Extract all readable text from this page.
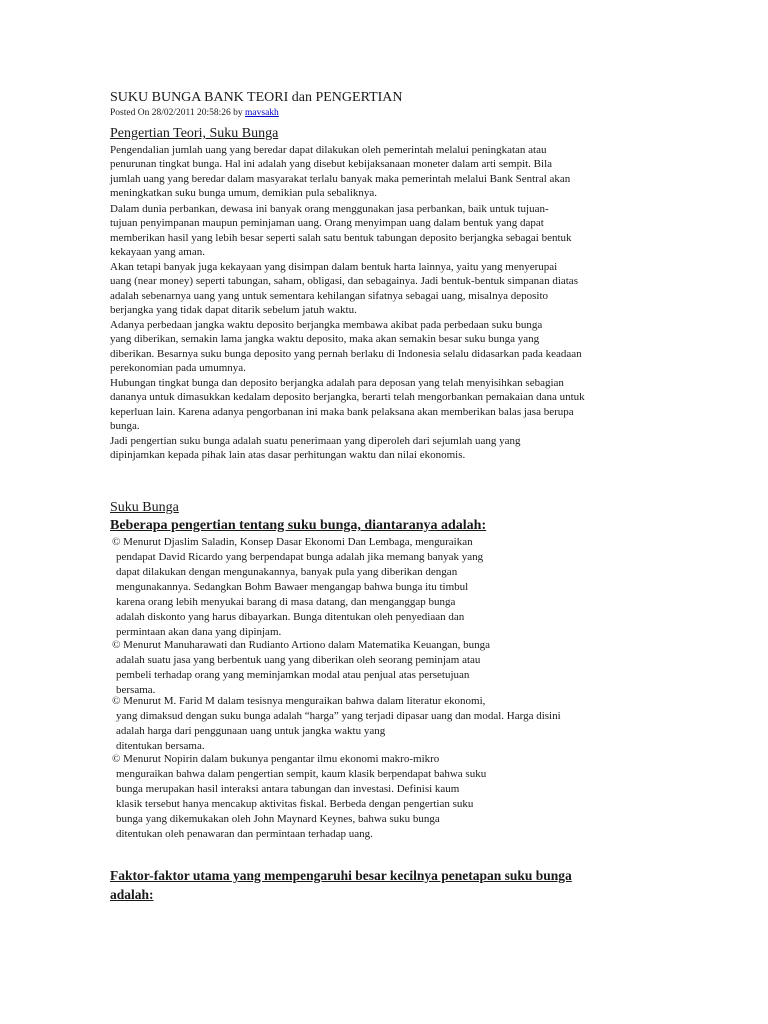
SUKU BUNGA BANK TEORI dan PENGERTIAN
Posted On 28/02/2011 20:58:26 by mavsakh
Pengertian Teori, Suku Bunga

Pengendalian jumlah uang yang beredar dapat dilakukan oleh pemerintah melalui peningkatan atau
penurunan tingkat bunga. Hal ini adalah yang disebut kebijaksanaan moneter dalam arti sempit. Bila
jumlah uang yang beredar dalam masyarakat terlalu banyak maka pemerintah melalui Bank Sentral akan
meningkatkan suku bunga umum, demikian pula sebaliknya.

Dalam dunia perbankan, dewasa ini banyak orang menggunakan jasa perbankan, baik untuk tujuan-
tujuan penyimpanan maupun peminjaman uang. Orang menyimpan uang dalam bentuk yang dapat
memberikan hasil yang lebih besar seperti salah satu bentuk tabungan deposito berjangka sebagai bentuk
kekayaan yang aman.

Akan tetapi banyak juga kekayaan yang disimpan dalam bentuk harta lainnya, yaitu yang menyerupai
uang (near money) seperti tabungan, saham, obligasi, dan sebagainya. Jadi bentuk-bentuk simpanan diatas
adalah sebenarnya uang yang untuk sementara kehilangan sifatnya sebagai uang, misalnya deposito
berjangka yang tidak dapat ditarik sebelum jatuh waktu.

Adanya perbedaan jangka waktu deposito berjangka membawa akibat pada perbedaan suku bunga
yang diberikan, semakin lama jangka waktu deposito, maka akan semakin besar suku bunga yang
diberikan. Besarnya suku bunga deposito yang pernah berlaku di Indonesia selalu didasarkan pada keadaan
perekonomian pada umumnya.

Hubungan tingkat bunga dan deposito berjangka adalah para deposan yang telah menyisihkan sebagian
dananya untuk dimasukkan kedalam deposito berjangka, berarti telah mengorbankan pemakaian dana untuk
keperluan lain. Karena adanya pengorbanan ini maka bank pelaksana akan memberikan balas jasa berupa
bunga.

Jadi pengertian suku bunga adalah suatu penerimaan yang diperoleh dari sejumlah uang yang
dipinjamkan kepada pihak lain atas dasar perhitungan waktu dan nilai ekonomis.

Suku Bunga
Beberapa pengertian tentang suku bunga, diantaranya adalah:

© Menurut Djaslim Saladin, Konsep Dasar Ekonomi Dan Lembaga, menguraikan
pendapat David Ricardo yang berpendapat bunga adalah jika memang banyak yang
dapat dilakukan dengan mengunakannya, banyak pula yang diberikan dengan
mengunakannya. Sedangkan Bohm Bawaer mengangap bahwa bunga itu timbul
karena orang lebih menyukai barang di masa datang, dan menganggap bunga
adalah diskonto yang harus dibayarkan. Bunga ditentukan oleh penyediaan dan
permintaan akan dana yang dipinjam.

© Menurut Manuharawati dan Rudianto Artiono dalam Matematika Keuangan, bunga
adalah suatu jasa yang berbentuk uang yang diberikan oleh seorang peminjam atau
pembeli terhadap orang yang meminjamkan modal atau penjual atas persetujuan
bersama.

© Menurut M. Farid M dalam tesisnya menguraikan bahwa dalam literatur ekonomi,
yang dimaksud dengan suku bunga adalah “harga” yang terjadi dipasar uang dan modal. Harga disini
adalah harga dari penggunaan uang untuk jangka waktu yang
ditentukan bersama.

© Menurut Nopirin dalam bukunya pengantar ilmu ekonomi makro-mikro
menguraikan bahwa dalam pengertian sempit, kaum klasik berpendapat bahwa suku
bunga merupakan hasil interaksi antara tabungan dan investasi. Definisi kaum
klasik tersebut hanya mencakup aktivitas fiskal. Berbeda dengan pengertian suku
bunga yang dikemukakan oleh John Maynard Keynes, bahwa suku bunga
ditentukan oleh penawaran dan permintaan terhadap uang.

Faktor-faktor utama yang mempengaruhi besar kecilnya penetapan suku bunga
adalah:
